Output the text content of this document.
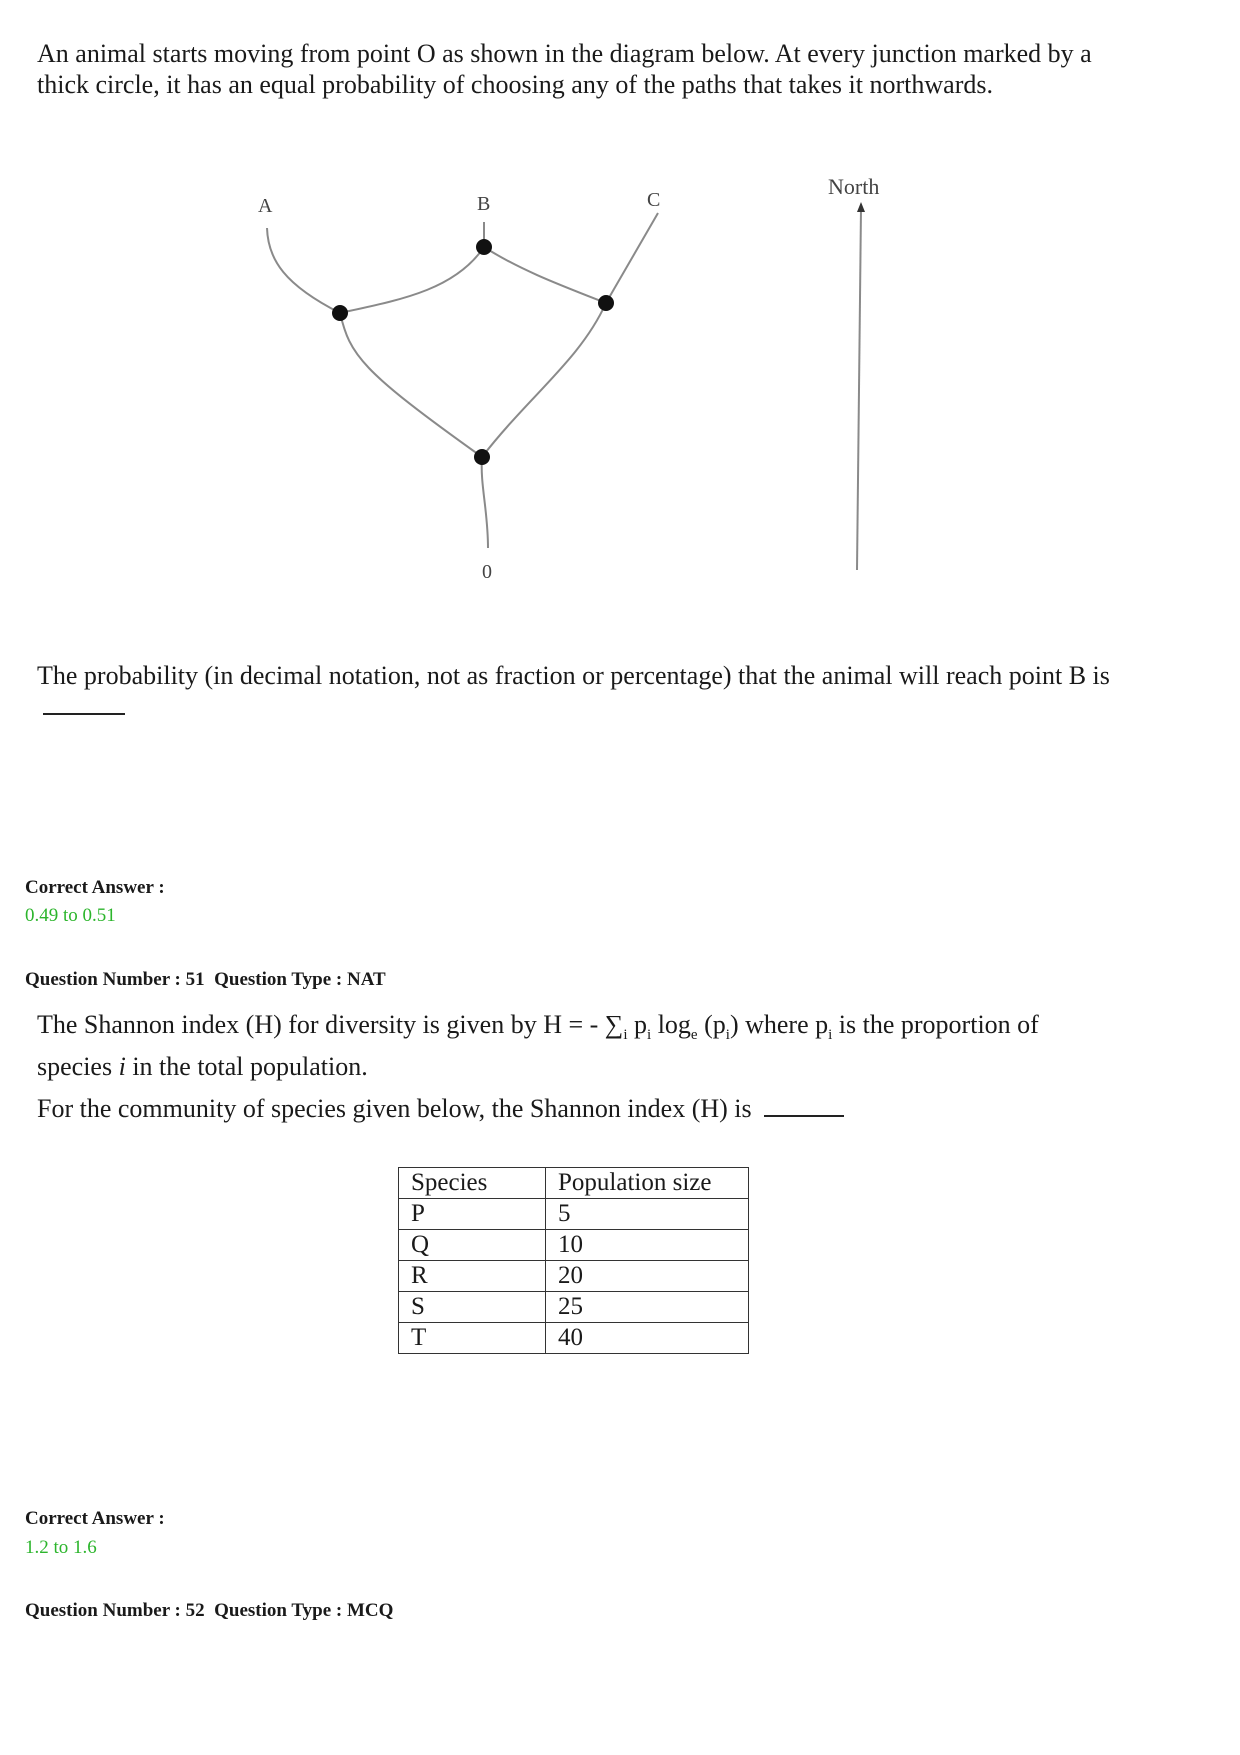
An animal starts moving from point O as shown in the diagram below. At every junction marked by a thick circle, it has an equal probability of choosing any of the paths that takes it northwards.

A	B	C
0
North

The probability (in decimal notation, not as fraction or percentage) that the animal will reach point B is

Correct Answer :

0.49 to 0.51

Question Number : 51  Question Type : NAT

The Shannon index (H) for diversity is given by H = - $\sum_i$ $p_i$ $\log_e (p_i)$ where $p_i$ is the proportion of species i in the total population.

For the community of species given below, the Shannon index (H) is

Species	Population size
P	5
Q	10
R	20
S	25
T	40

Correct Answer :

1.2 to 1.6

Question Number : 52  Question Type : MCQ
